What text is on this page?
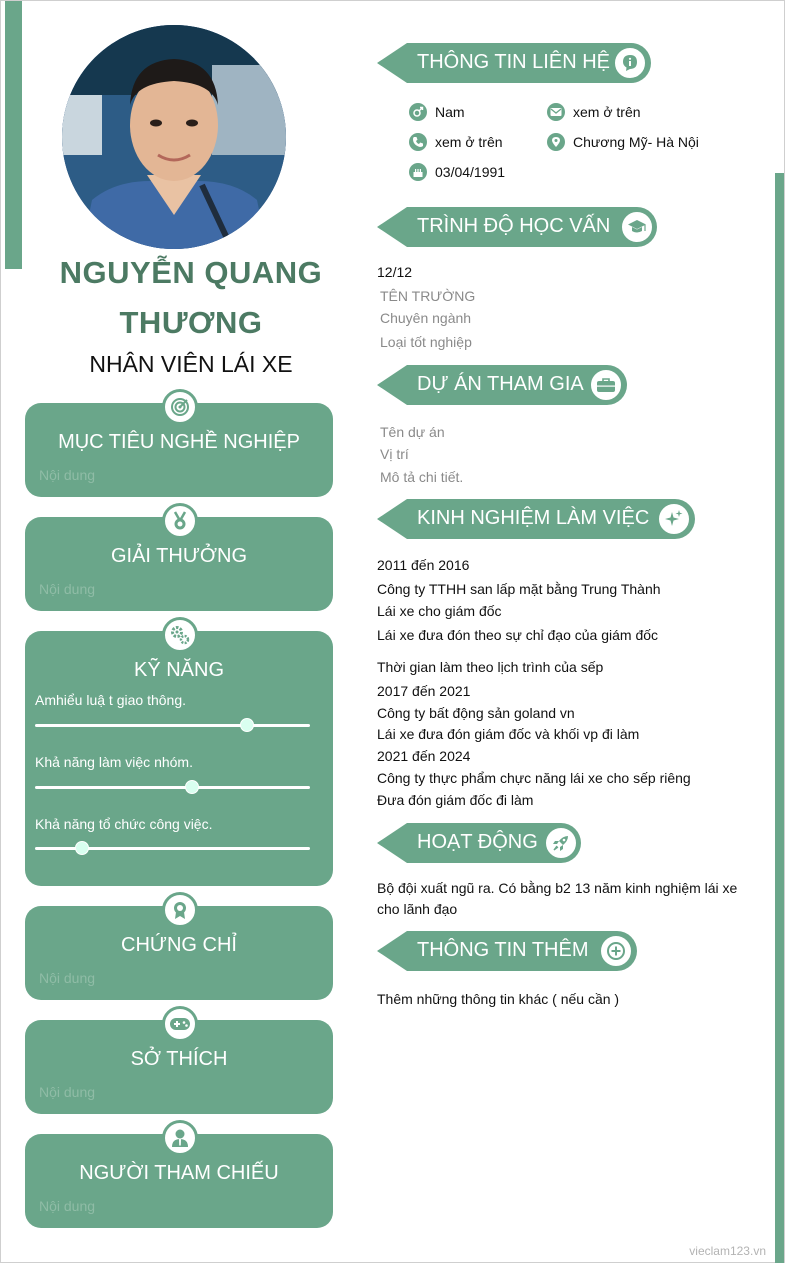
NGUYỄN QUANG
THƯƠNG
NHÂN VIÊN LÁI XE
MỤC TIÊU NGHỀ NGHIỆP
Nội dung
GIẢI THƯỞNG
Nội dung
KỸ NĂNG
Amhiểu luậ t giao thông.
Khả năng làm việc nhóm.
Khả năng tổ chức công việc.
CHỨNG CHỈ
Nội dung
SỞ THÍCH
Nội dung
NGƯỜI THAM CHIẾU
Nội dung
THÔNG TIN LIÊN HỆ
Nam	xem ở trên
xem ở trên	Chương Mỹ- Hà Nội
03/04/1991
TRÌNH ĐỘ HỌC VẤN
12/12
TÊN TRƯỜNG
Chuyên ngành
Loại tốt nghiệp
DỰ ÁN THAM GIA
Tên dự án
Vị trí
Mô tả chi tiết.
KINH NGHIỆM LÀM VIỆC
2011 đến 2016
Công ty TTHH san lấp mặt bằng Trung Thành
Lái xe cho giám đốc
Lái xe đưa đón theo sự chỉ đạo của giám đốc
Thời gian làm theo lịch trình của sếp
2017 đến 2021
Công ty bất động sản goland vn
Lái xe đưa đón giám đốc và khối vp đi làm
2021 đến 2024
Công ty thực phẩm chực năng lái xe cho sếp riêng
Đưa đón giám đốc đi làm
HOẠT ĐỘNG
Bộ đội xuất ngũ ra. Có bằng b2 13 năm kinh nghiệm lái xe
cho lãnh đạo
THÔNG TIN THÊM
Thêm những thông tin khác ( nếu cần )
vieclam123.vn
